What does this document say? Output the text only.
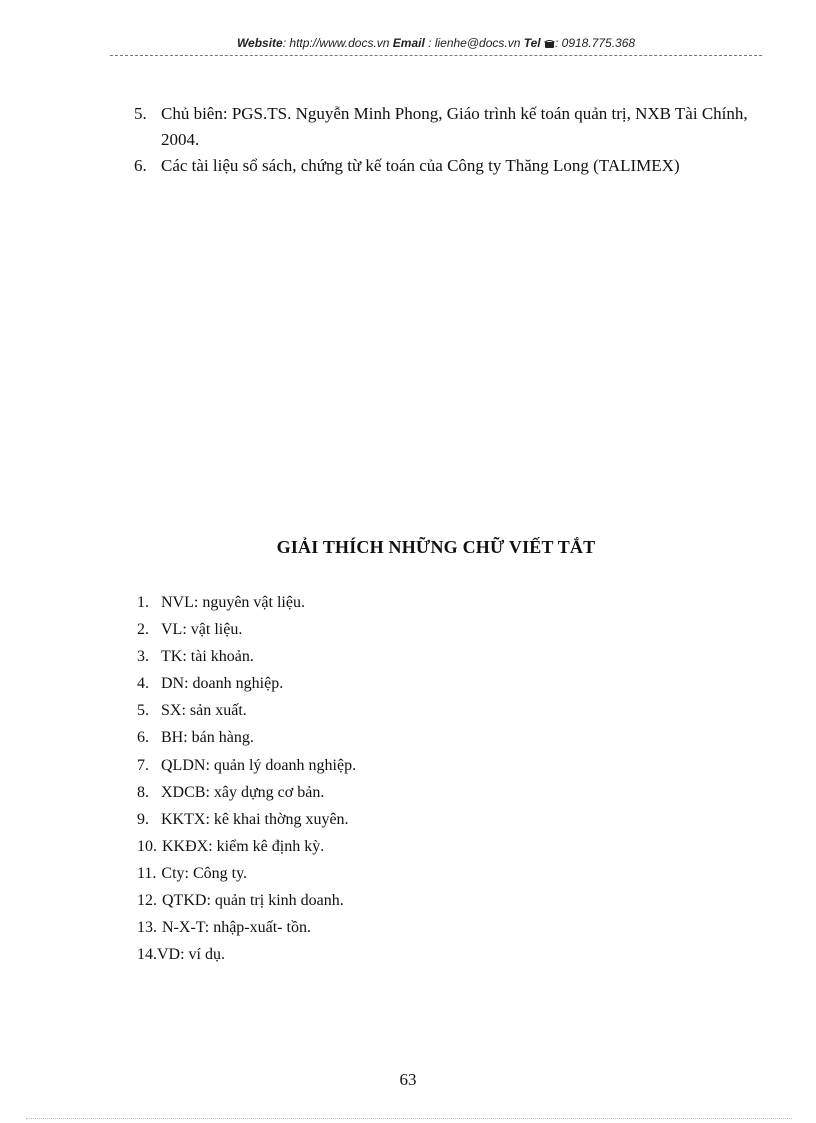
Website: http://www.docs.vn Email : lienhe@docs.vn Tel : 0918.775.368
5. Chủ biên: PGS.TS. Nguyễn Minh Phong, Giáo trình kế toán quản trị, NXB Tài Chính, 2004.
6. Các tài liệu sổ sách, chứng từ kế toán của Công ty Thăng Long (TALIMEX)
GIẢI THÍCH NHỮNG CHỮ VIẾT TẮT
1. NVL: nguyên vật liệu.
2. VL: vật liệu.
3. TK: tài khoản.
4. DN: doanh nghiệp.
5. SX: sản xuất.
6. BH: bán hàng.
7. QLDN: quản lý doanh nghiệp.
8. XDCB: xây dựng cơ bản.
9. KKTX: kê khai thờng xuyên.
10. KKĐX: kiểm kê định kỳ.
11. Cty: Công ty.
12. QTKD: quản trị kinh doanh.
13. N-X-T: nhập-xuất- tồn.
14.VD: ví dụ.
63
